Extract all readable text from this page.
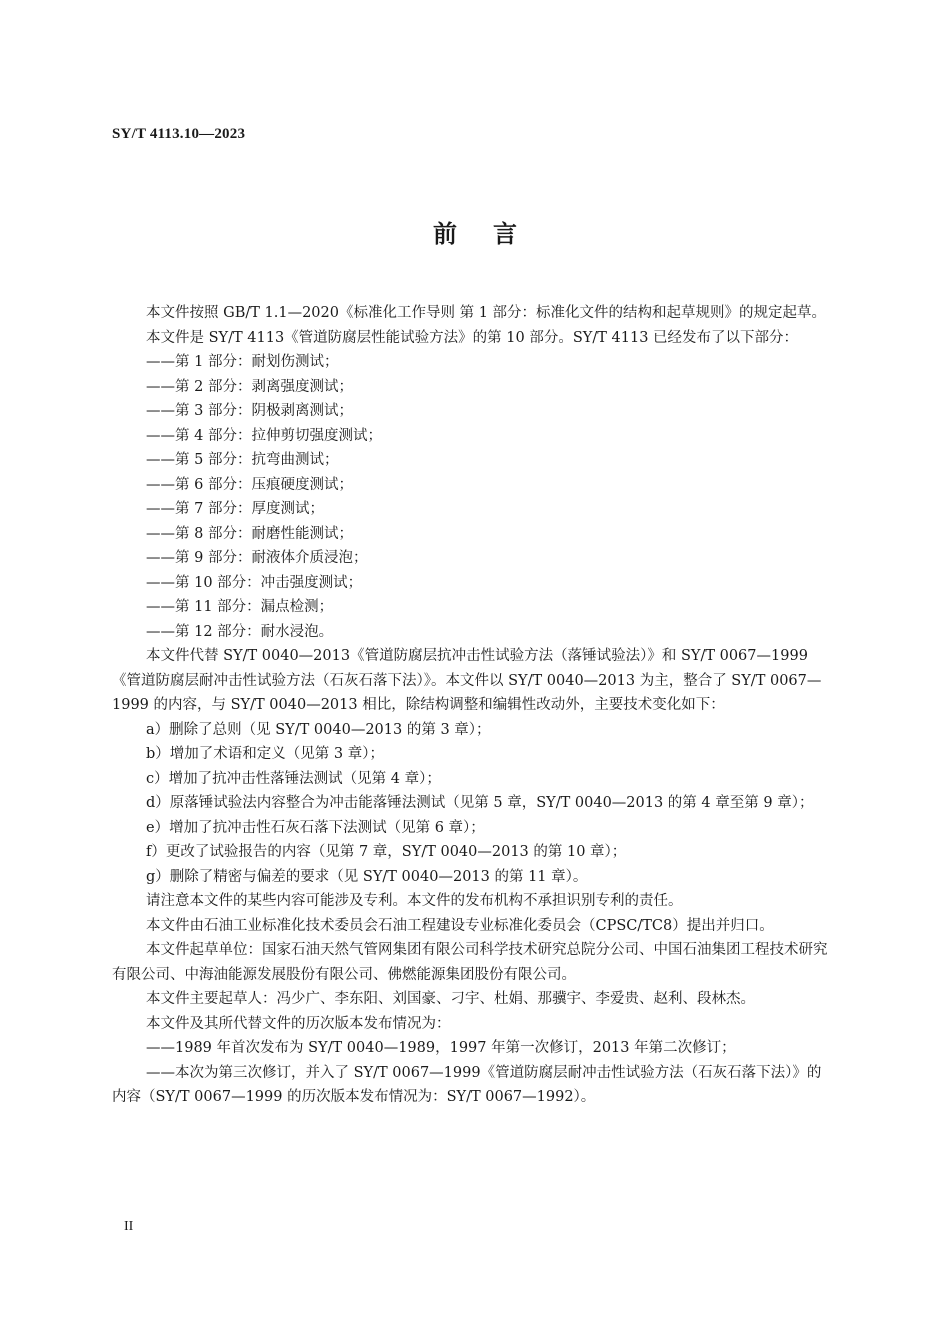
SY/T 4113.10—2023
前言

本文件按照 GB/T 1.1—2020《标准化工作导则 第 1 部分：标准化文件的结构和起草规则》的规定起草。

本文件是 SY/T 4113《管道防腐层性能试验方法》的第 10 部分。SY/T 4113 已经发布了以下部分：

——第 1 部分：耐划伤测试；

——第 2 部分：剥离强度测试；

——第 3 部分：阴极剥离测试；

——第 4 部分：拉伸剪切强度测试；

——第 5 部分：抗弯曲测试；

——第 6 部分：压痕硬度测试；

——第 7 部分：厚度测试；

——第 8 部分：耐磨性能测试；

——第 9 部分：耐液体介质浸泡；

——第 10 部分：冲击强度测试；

——第 11 部分：漏点检测；

——第 12 部分：耐水浸泡。

本文件代替 SY/T 0040—2013《管道防腐层抗冲击性试验方法（落锤试验法）》和 SY/T 0067—1999《管道防腐层耐冲击性试验方法（石灰石落下法）》。本文件以 SY/T 0040—2013 为主，整合了 SY/T 0067—1999 的内容，与 SY/T 0040—2013 相比，除结构调整和编辑性改动外，主要技术变化如下：

a）删除了总则（见 SY/T 0040—2013 的第 3 章）；

b）增加了术语和定义（见第 3 章）；

c）增加了抗冲击性落锤法测试（见第 4 章）；

d）原落锤试验法内容整合为冲击能落锤法测试（见第 5 章，SY/T 0040—2013 的第 4 章至第 9 章）；

e）增加了抗冲击性石灰石落下法测试（见第 6 章）；

f）更改了试验报告的内容（见第 7 章，SY/T 0040—2013 的第 10 章）；

g）删除了精密与偏差的要求（见 SY/T 0040—2013 的第 11 章）。

请注意本文件的某些内容可能涉及专利。本文件的发布机构不承担识别专利的责任。

本文件由石油工业标准化技术委员会石油工程建设专业标准化委员会（CPSC/TC8）提出并归口。

本文件起草单位：国家石油天然气管网集团有限公司科学技术研究总院分公司、中国石油集团工程技术研究有限公司、中海油能源发展股份有限公司、佛燃能源集团股份有限公司。

本文件主要起草人：冯少广、李东阳、刘国豪、刁宇、杜娟、那骥宇、李爱贵、赵利、段林杰。

本文件及其所代替文件的历次版本发布情况为：

——1989 年首次发布为 SY/T 0040—1989，1997 年第一次修订，2013 年第二次修订；

——本次为第三次修订，并入了 SY/T 0067—1999《管道防腐层耐冲击性试验方法（石灰石落下法）》的内容（SY/T 0067—1999 的历次版本发布情况为：SY/T 0067—1992）。

II
